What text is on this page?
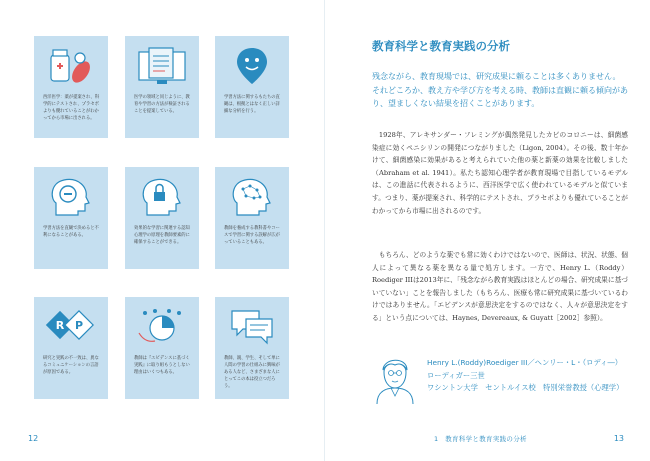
西洋医学：薬が提案され、科学的にテストされ、プラセボよりも優れていることがわかってから市場に出される。
医学の領域と同じように、教育や学習の方法が検証されることを提案している。
学習方法に関するもたちの直観は、根拠とはなく正しい詳細な分析を行う。
学習方法を直観で決めると不利になることがある。
効果的な学習に関連する認知心理学の原理を教師要素的に確保することができる。
教師を養成する教科書やコースで学習に関する誤解が広がっていることもある。
R P
研究と実践の不一致は、異なるコミュニケーションの言語が原因である。
教師は『エビデンスに基づく実践』に取り組もうとしない理由はいくつもある。
教師、親、学生、そして単に人間の学習の仕組みに興味がある人など、さまざまな人にとってこの本は役立つだろう。
12
教育科学と教育実践の分析
残念ながら、教育現場では、研究成果に頼ることは多くありません。それどころか、教え方や学び方を考える時、教師は直観に頼る傾向があり、望ましくない結果を招くことがあります。
　1928年、アレキサンダー・フレミングが偶然発見したカビのコロニーは、細菌感染症に効くペニシリンの開発につながりました（Ligon, 2004）。その後、数十年かけて、細菌感染に効果があると考えられていた他の薬と新薬の効果を比較しました（Abraham et al. 1941）。私たち認知心理学者が教育現場で目指しているモデルは、この進話に代表されるように、西洋医学で広く使われているモデルと似ています。つまり、薬が提案され、科学的にテストされ、プラセボよりも優れていることがわかってから市場に出されるのです。
　もちろん、どのような薬でも常に効くわけではないので、医師は、状況、状態、個人によって異なる薬を異なる量で処方します。一方で、Henry L.（Roddy）Roediger IIIは2013年に、「残念ながら教育実践はほとんどの場合、研究成果に基づいていない」ことを報告しました（もちろん、医療も常に研究成果に基づいているわけではありません。「エビデンスが意思決定をするのではなく、人々が意思決定をする」という点については、Haynes, Devereaux, & Guyatt［2002］参照）。
Henry L.(Roddy)Roediger III／ヘンリー・L・（ロディ―）
ローディガー三世
ワシントン大学　セントルイス校　特別栄誉教授（心理学）
1　教育科学と教育実践の分析	13
